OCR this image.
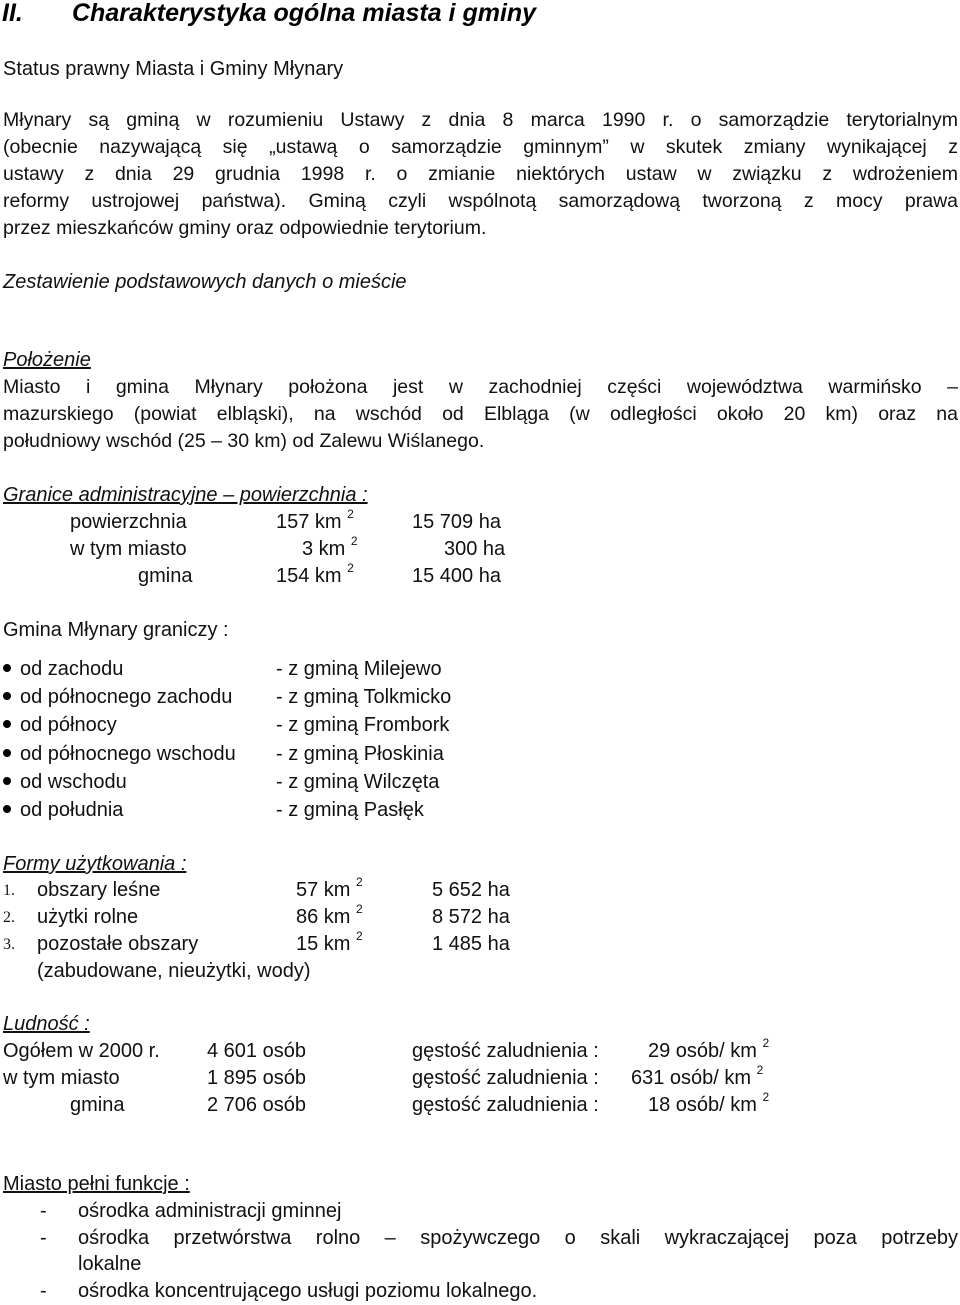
II. Charakterystyka ogólna miasta i gminy
Status prawny Miasta i Gminy Młynary
Młynary są gminą w rozumieniu Ustawy z dnia 8 marca 1990 r. o samorządzie terytorialnym
(obecnie nazywającą się „ustawą o samorządzie gminnym” w skutek zmiany wynikającej z
ustawy z dnia 29 grudnia 1998 r. o zmianie niektórych ustaw w związku z wdrożeniem
reformy ustrojowej państwa). Gminą czyli wspólnotą samorządową tworzoną z mocy prawa
przez mieszkańców gminy oraz odpowiednie terytorium.
Zestawienie podstawowych danych o mieście
Położenie
Miasto i gmina Młynary położona jest w zachodniej części województwa warmińsko –
mazurskiego (powiat elbląski), na wschód od Elbląga (w odległości około 20 km) oraz na
południowy wschód (25 – 30 km) od Zalewu Wiślanego.
Granice administracyjne – powierzchnia :
powierzchnia	157 km $^2$	15 709 ha
w tym miasto	3 km $^2$	300 ha
gmina	154 km $^2$	15 400 ha
Gmina Młynary graniczy :
od zachodu	- z gminą Milejewo
od północnego zachodu - z gminą Tolkmicko
od północy	- z gminą Frombork
od północnego wschodu - z gminą Płoskinia
od wschodu	- z gminą Wilczęta
od południa	- z gminą Pasłęk
Formy użytkowania :
1. obszary leśne	57 km $^2$	5 652 ha
2. użytki rolne	86 km $^2$	8 572 ha
3. pozostałe obszary	15 km $^2$	1 485 ha
(zabudowane, nieużytki, wody)
Ludność :
Ogółem w 2000 r. 4 601 osób	gęstość zaludnienia : 29 osób/ km $^2$
w tym miasto	1 895 osób	gęstość zaludnienia : 631 osób/ km $^2$
gmina	2 706 osób	gęstość zaludnienia : 18 osób/ km $^2$
Miasto pełni funkcje :
- ośrodka administracji gminnej
- ośrodka przetwórstwa rolno – spożywczego o skali wykraczającej poza potrzeby
lokalne
- ośrodka koncentrującego usługi poziomu lokalnego.
